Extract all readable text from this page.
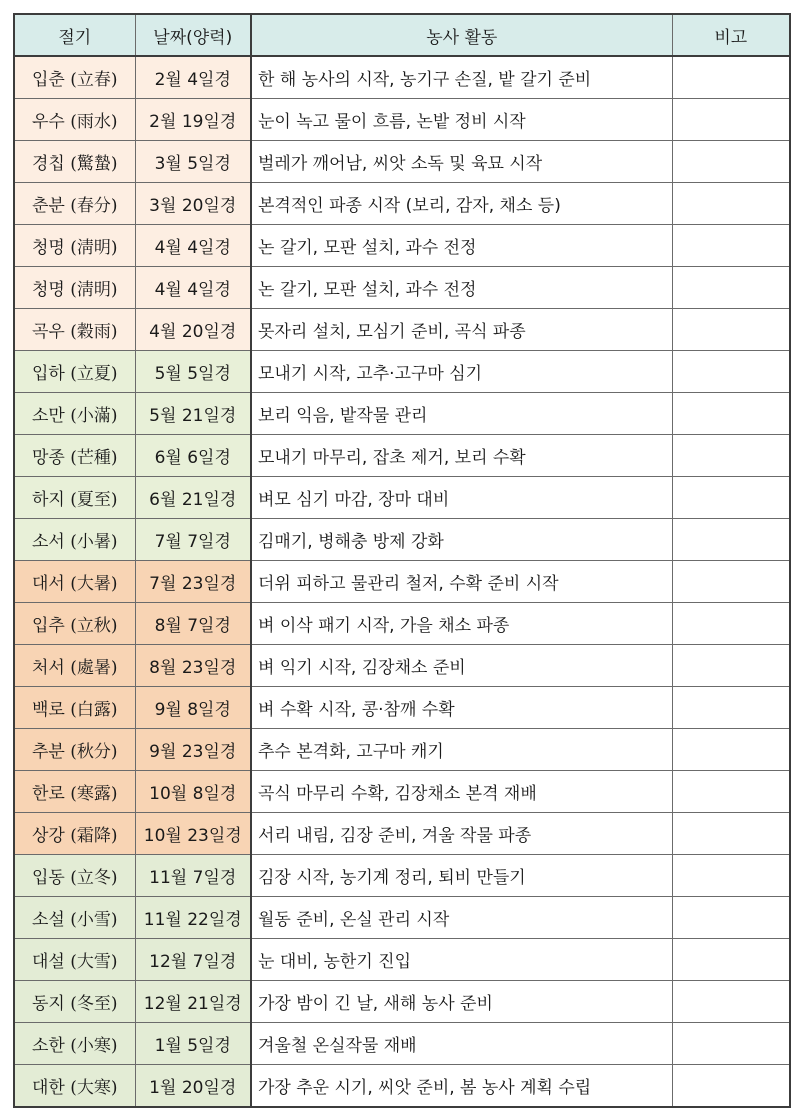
절기	날짜(양력)	농사 활동	비고
입춘 (立春)	2월 4일경	한 해 농사의 시작, 농기구 손질, 밭 갈기 준비	
우수 (雨水)	2월 19일경	눈이 녹고 물이 흐름, 논밭 정비 시작	
경칩 (驚蟄)	3월 5일경	벌레가 깨어남, 씨앗 소독 및 육묘 시작	
춘분 (春分)	3월 20일경	본격적인 파종 시작 (보리, 감자, 채소 등)	
청명 (淸明)	4월 4일경	논 갈기, 모판 설치, 과수 전정	
청명 (淸明)	4월 4일경	논 갈기, 모판 설치, 과수 전정	
곡우 (穀雨)	4월 20일경	못자리 설치, 모심기 준비, 곡식 파종	
입하 (立夏)	5월 5일경	모내기 시작, 고추·고구마 심기	
소만 (小滿)	5월 21일경	보리 익음, 밭작물 관리	
망종 (芒種)	6월 6일경	모내기 마무리, 잡초 제거, 보리 수확	
하지 (夏至)	6월 21일경	벼모 심기 마감, 장마 대비	
소서 (小暑)	7월 7일경	김매기, 병해충 방제 강화	
대서 (大暑)	7월 23일경	더위 피하고 물관리 철저, 수확 준비 시작	
입추 (立秋)	8월 7일경	벼 이삭 패기 시작, 가을 채소 파종	
처서 (處暑)	8월 23일경	벼 익기 시작, 김장채소 준비	
백로 (白露)	9월 8일경	벼 수확 시작, 콩·참깨 수확	
추분 (秋分)	9월 23일경	추수 본격화, 고구마 캐기	
한로 (寒露)	10월 8일경	곡식 마무리 수확, 김장채소 본격 재배	
상강 (霜降)	10월 23일경	서리 내림, 김장 준비, 겨울 작물 파종	
입동 (立冬)	11월 7일경	김장 시작, 농기계 정리, 퇴비 만들기	
소설 (小雪)	11월 22일경	월동 준비, 온실 관리 시작	
대설 (大雪)	12월 7일경	눈 대비, 농한기 진입	
동지 (冬至)	12월 21일경	가장 밤이 긴 날, 새해 농사 준비	
소한 (小寒)	1월 5일경	겨울철 온실작물 재배	
대한 (大寒)	1월 20일경	가장 추운 시기, 씨앗 준비, 봄 농사 계획 수립	
